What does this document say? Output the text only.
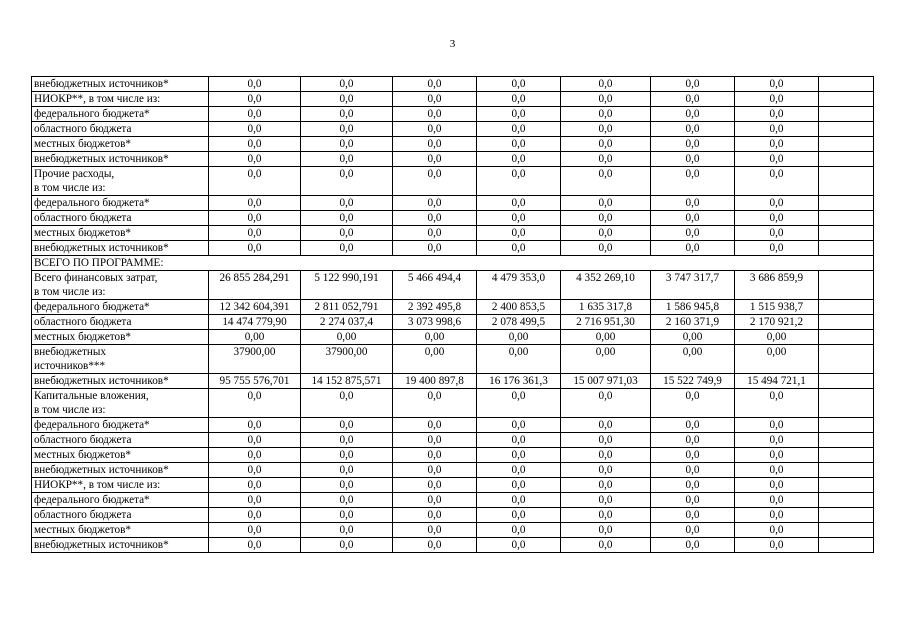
3
внебюджетных источников*	0,0	0,0	0,0	0,0	0,0	0,0	0,0	

НИОКР**, в том числе из:	0,0	0,0	0,0	0,0	0,0	0,0	0,0	

федерального бюджета*	0,0	0,0	0,0	0,0	0,0	0,0	0,0	

областного бюджета	0,0	0,0	0,0	0,0	0,0	0,0	0,0	

местных бюджетов*	0,0	0,0	0,0	0,0	0,0	0,0	0,0	

внебюджетных источников*	0,0	0,0	0,0	0,0	0,0	0,0	0,0	

Прочие расходы,
в том числе из:	0,0	0,0	0,0	0,0	0,0	0,0	0,0	

федерального бюджета*	0,0	0,0	0,0	0,0	0,0	0,0	0,0	

областного бюджета	0,0	0,0	0,0	0,0	0,0	0,0	0,0	

местных бюджетов*	0,0	0,0	0,0	0,0	0,0	0,0	0,0	

внебюджетных источников*	0,0	0,0	0,0	0,0	0,0	0,0	0,0	
ВСЕГО ПО ПРОГРАММЕ:								

Всего финансовых затрат,
в том числе из:	26 855 284,291	5 122 990,191	5 466 494,4	4 479 353,0	4 352 269,10	3 747 317,7	3 686 859,9	

федерального бюджета*	12 342 604,391	2 811 052,791	2 392 495,8	2 400 853,5	1 635 317,8	1 586 945,8	1 515 938,7	

областного бюджета	14 474 779,90	2 274 037,4	3 073 998,6	2 078 499,5	2 716 951,30	2 160 371,9	2 170 921,2	

местных бюджетов*	0,00	0,00	0,00	0,00	0,00	0,00	0,00	

внебюджетных
источников***	37900,00	37900,00	0,00	0,00	0,00	0,00	0,00	

внебюджетных источников*	95 755 576,701	14 152 875,571	19 400 897,8	16 176 361,3	15 007 971,03	15 522 749,9	15 494 721,1	

Капитальные вложения,
в том числе из:	0,0	0,0	0,0	0,0	0,0	0,0	0,0	

федерального бюджета*	0,0	0,0	0,0	0,0	0,0	0,0	0,0	

областного бюджета	0,0	0,0	0,0	0,0	0,0	0,0	0,0	

местных бюджетов*	0,0	0,0	0,0	0,0	0,0	0,0	0,0	

внебюджетных источников*	0,0	0,0	0,0	0,0	0,0	0,0	0,0	

НИОКР**, в том числе из:	0,0	0,0	0,0	0,0	0,0	0,0	0,0	

федерального бюджета*	0,0	0,0	0,0	0,0	0,0	0,0	0,0	

областного бюджета	0,0	0,0	0,0	0,0	0,0	0,0	0,0	

местных бюджетов*	0,0	0,0	0,0	0,0	0,0	0,0	0,0	

внебюджетных источников*	0,0	0,0	0,0	0,0	0,0	0,0	0,0	
